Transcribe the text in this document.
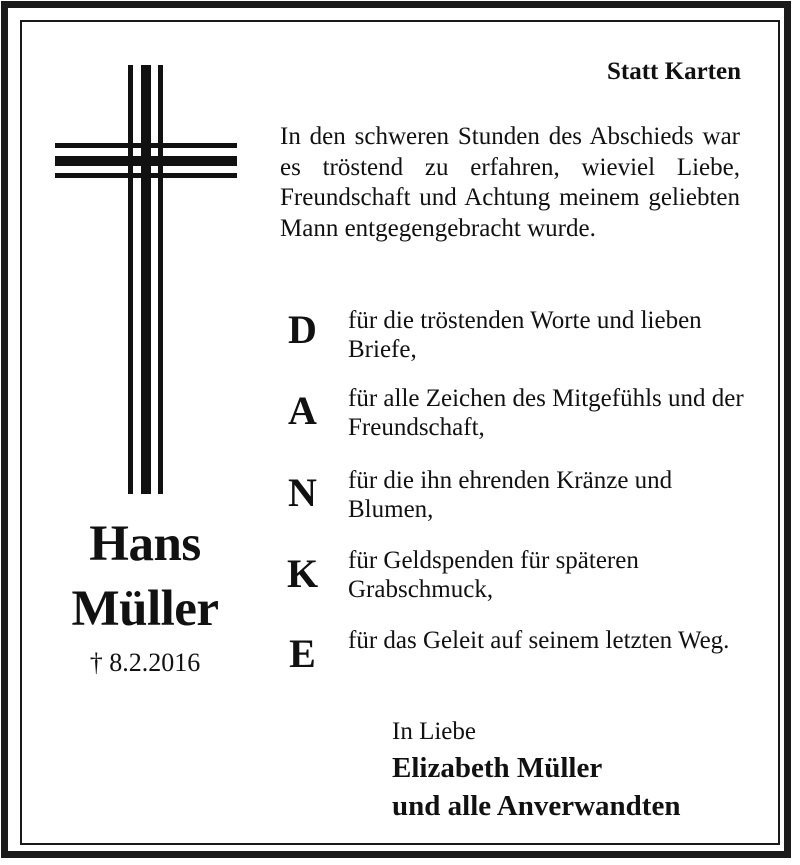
Hans
Müller
† 8.2.2016
Statt Karten

In den schweren Stunden des Abschieds war es tröstend zu erfahren, wieviel Liebe, Freundschaft und Achtung meinem geliebten Mann entgegengebracht wurde.

D	für die tröstenden Worte und lieben Briefe,

A	für alle Zeichen des Mitgefühls und der Freundschaft,

N	für die ihn ehrenden Kränze und Blumen,

K für Geldspenden für späteren Grabschmuck,

E	für das Geleit auf seinem letzten Weg.

In Liebe
Elizabeth Müller
und alle Anverwandten
